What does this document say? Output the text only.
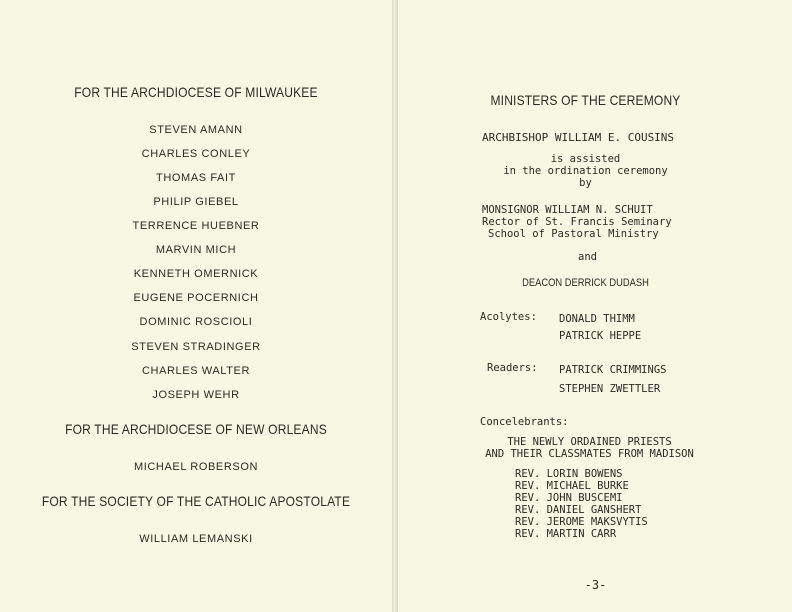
FOR THE ARCHDIOCESE OF MILWAUKEE
STEVEN AMANN
CHARLES CONLEY
THOMAS FAIT
PHILIP GIEBEL
TERRENCE HUEBNER
MARVIN MICH
KENNETH OMERNICK
EUGENE POCERNICH
DOMINIC ROSCIOLI
STEVEN STRADINGER
CHARLES WALTER
JOSEPH WEHR
FOR THE ARCHDIOCESE OF NEW ORLEANS
MICHAEL ROBERSON
FOR THE SOCIETY OF THE CATHOLIC APOSTOLATE
WILLIAM LEMANSKI
MINISTERS OF THE CEREMONY
ARCHBISHOP WILLIAM E. COUSINS
is assisted
in the ordination ceremony
by
MONSIGNOR WILLIAM N. SCHUIT
Rector of St. Francis Seminary
School of Pastoral Ministry
and
DEACON DERRICK DUDASH
Acolytes: DONALD THIMM
PATRICK HEPPE
Readers: PATRICK CRIMMINGS
STEPHEN ZWETTLER
Concelebrants:
THE NEWLY ORDAINED PRIESTS
AND THEIR CLASSMATES FROM MADISON
REV. LORIN BOWENS
REV. MICHAEL BURKE
REV. JOHN BUSCEMI
REV. DANIEL GANSHERT
REV. JEROME MAKSVYTIS
REV. MARTIN CARR
-3-
